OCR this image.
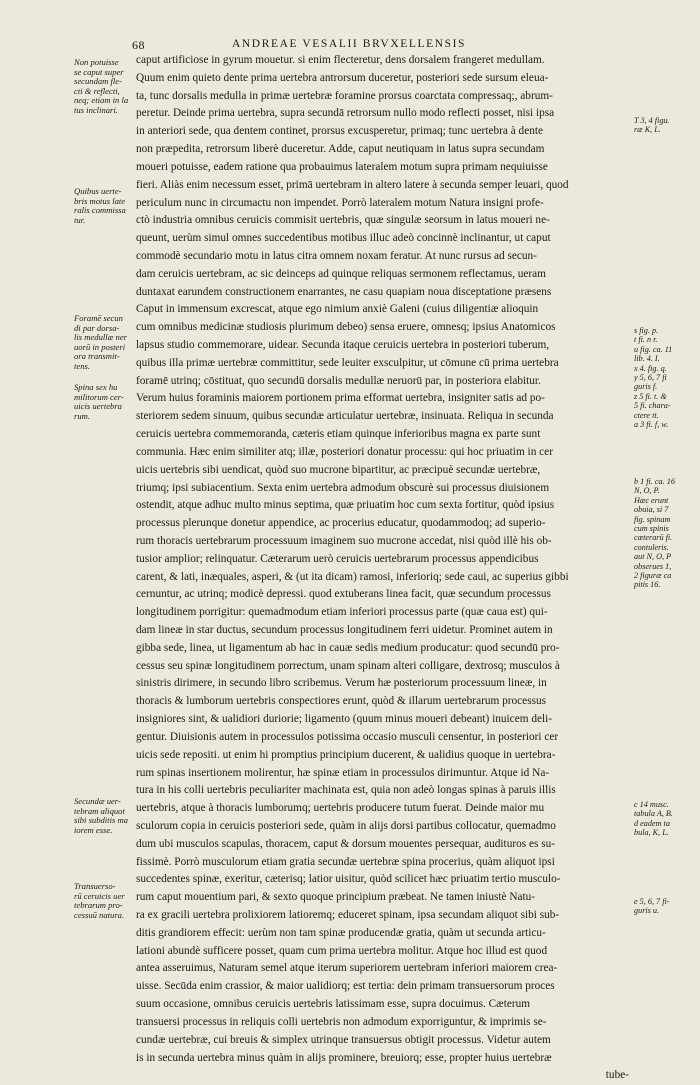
68	ANDREAE VESALII BRVXELLENSIS
caput artificiose in gyrum mouetur. si enim flecteretur, dens dorsalem frangeret medullam.
Quum enim quieto dente prima uertebra antrorsum duceretur, posteriori sede sursum eleua-
ta, tunc dorsalis medulla in primæ uertebræ foramine prorsus coarctata compressaq;, abrum-
peretur. Deinde prima uertebra, supra secundā retrorsum nullo modo reflecti posset, nisi ipsa
in anteriori sede, qua dentem continet, prorsus excusperetur, primaq; tunc uertebra à dente
non præpedita, retrorsum liberè duceretur. Adde, caput neutiquam in latus supra secundam
moueri potuisse, eadem ratione qua probauimus lateralem motum supra primam nequiuisse
fieri. Aliàs enim necessum esset, primā uertebram in altero latere à secunda semper leuari, quod
periculum nunc in circumactu non impendet. Porrò lateralem motum Natura insigni profe-
ctò industria omnibus ceruicis commisit uertebris, quæ singulæ seorsum in latus moueri ne-
queunt, uerùm simul omnes succedentibus motibus illuc adeò concinnè inclinantur, ut caput
commodè secundario motu in latus citra omnem noxam feratur. At nunc rursus ad secun-
dam ceruicis uertebram, ac sic deinceps ad quinque reliquas sermonem reflectamus, ueram
duntaxat earundem constructionem enarrantes, ne casu quapiam noua disceptatione præsens
Caput in immensum excrescat, atque ego nimium anxiè Galeni (cuius diligentiæ alioquin
cum omnibus medicinæ studiosis plurimum debeo) sensa eruere, omnesq; ipsius Anatomicos
lapsus studio commemorare, uidear. Secunda itaque ceruicis uertebra in posteriori tuberum,
quibus illa primæ uertebræ committitur, sede leuiter exsculpitur, ut cōmune cū prima uertebra
foramē utrinq; cōstituat, quo secundū dorsalis medullæ neruorū par, in posteriora elabitur.
Verum huius foraminis maiorem portionem prima efformat uertebra, insigniter satis ad po-
steriorem sedem sinuum, quibus secundæ articulatur uertebræ, insinuata. Reliqua in secunda
ceruicis uertebra commemoranda, cæteris etiam quinque inferioribus magna ex parte sunt
communia. Hæc enim similiter atq; illæ, posteriori donatur processu: qui hoc priuatim in cer
uicis uertebris sibi uendicat, quòd suo mucrone bipartitur, ac præcipuè secundæ uertebræ,
triumq; ipsi subiacentium. Sexta enim uertebra admodum obscurè sui processus diuisionem
ostendit, atque adhuc multo minus septima, quæ priuatim hoc cum sexta fortitur, quòd ipsius
processus plerunque donetur appendice, ac procerius educatur, quodammodoq; ad superio-
rum thoracis uertebrarum processuum imaginem suo mucrone accedat, nisi quòd illè his ob-
tusior amplior; relinquatur. Cæterarum uerò ceruicis uertebrarum processus appendicibus
carent, & lati, inæquales, asperi, & (ut ita dicam) ramosi, inferioriq; sede caui, ac superius gibbi
cernuntur, ac utrinq; modicè depressi. quod extuberans linea facit, quæ secundum processus
longitudinem porrigitur: quemadmodum etiam inferiori processus parte (quæ caua est) qui-
dam lineæ in star ductus, secundum processus longitudinem ferri uidetur. Prominet autem in
gibba sede, linea, ut ligamentum ab hac in cauæ sedis medium producatur: quod secundū pro-
cessus seu spinæ longitudinem porrectum, unam spinam alteri colligare, dextrosq; musculos à
sinistris dirimere, in secundo libro scribemus. Verum hæ posteriorum processuum lineæ, in
thoracis & lumborum uertebris conspectiores erunt, quòd & illarum uertebrarum processus
insigniores sint, & ualidiori duriorie; ligamento (quum minus moueri debeant) inuicem deli-
gentur. Diuisionis autem in processulos potissima occasio musculi censentur, in posteriori cer
uicis sede repositi. ut enim hi promptius principium ducerent, & ualidius quoque in uertebra-
rum spinas insertionem molirentur, hæ spinæ etiam in processulos dirimuntur. Atque id Na-
tura in his colli uertebris peculiariter machinata est, quia non adeò longas spinas à paruis illis
uertebris, atque à thoracis lumborumq; uertebris producere tutum fuerat. Deinde maior mu
sculorum copia in ceruicis posteriori sede, quàm in alijs dorsi partibus collocatur, quemadmo
dum ubi musculos scapulas, thoracem, caput & dorsum mouentes persequar, audituros es su-
fissimè. Porrò musculorum etiam gratia secundæ uertebræ spina procerius, quàm aliquot ipsi
succedentes spinæ, exeritur, cæterisq; latior uisitur, quòd scilicet hæc priuatim tertio musculo-
rum caput mouentium pari, & sexto quoque principium præbeat. Ne tamen iniustè Natu-
ra ex gracili uertebra prolixiorem latioremq; educeret spinam, ipsa secundam aliquot sibi sub-
ditis grandiorem effecit: uerùm non tam spinæ producendæ gratia, quàm ut secunda articu-
lationi abundè sufficere posset, quam cum prima uertebra molitur. Atque hoc illud est quod
antea asseruimus, Naturam semel atque iterum superiorem uertebram inferiori maiorem crea-
uisse. Secūda enim crassior, & maior ualidiorq; est tertia: dein primam transuersorum proces
suum occasione, omnibus ceruicis uertebris latissimam esse, supra docuimus. Cæterum
transuersi processus in reliquis colli uertebris non admodum exporriguntur, & imprimis se-
cundæ uertebræ, cui breuis & simplex utrinque transuersus obtigit processus. Videtur autem
is in secunda uertebra minus quàm in alijs prominere, breuiorq; esse, propter huius uertebræ
tube-
Non potuisse
se caput super
secundam fle-
cti & reflecti,
neq; etiam in la
tus inclinari.
Quibus uerte-
bris motus late
ralis commissa
tur.
Foramē secun
di par dorsa-
lis medullæ ner
uorū in posteri
ora transmit-
tens.
Spina sex hu
militorum cer-
uicis uertebra
rum.
Secundæ uer-
tebram aliquot
sibi subditis ma
iorem esse.
Transuerso-
rū ceruicis uer
tebrarum pro-
cessuū natura.
T 3, 4 figu.
ræ K, L.
s fig. p.
t fi. n r.
u fig. ca. 11
lib. 4. I.
x 4. fig. q.
y 5, 6, 7 fi
guris f.
z 5 fi. t. &
5 fi. chara-
ctere tt.
a 3 fi. f, w.
b 1 fi. ca. 16
N, O, P.
Hæc erunt
obuia, si 7
fig. spinam
cum spinis
cæterarū fi.
contuleris.
aut N, O, P
obserues 1,
2 figuræ ca
pitis 16.
c 14 musc.
tabula A, B.
d eadem ta
bula, K, L.
e 5, 6, 7 fi-
guris u.
